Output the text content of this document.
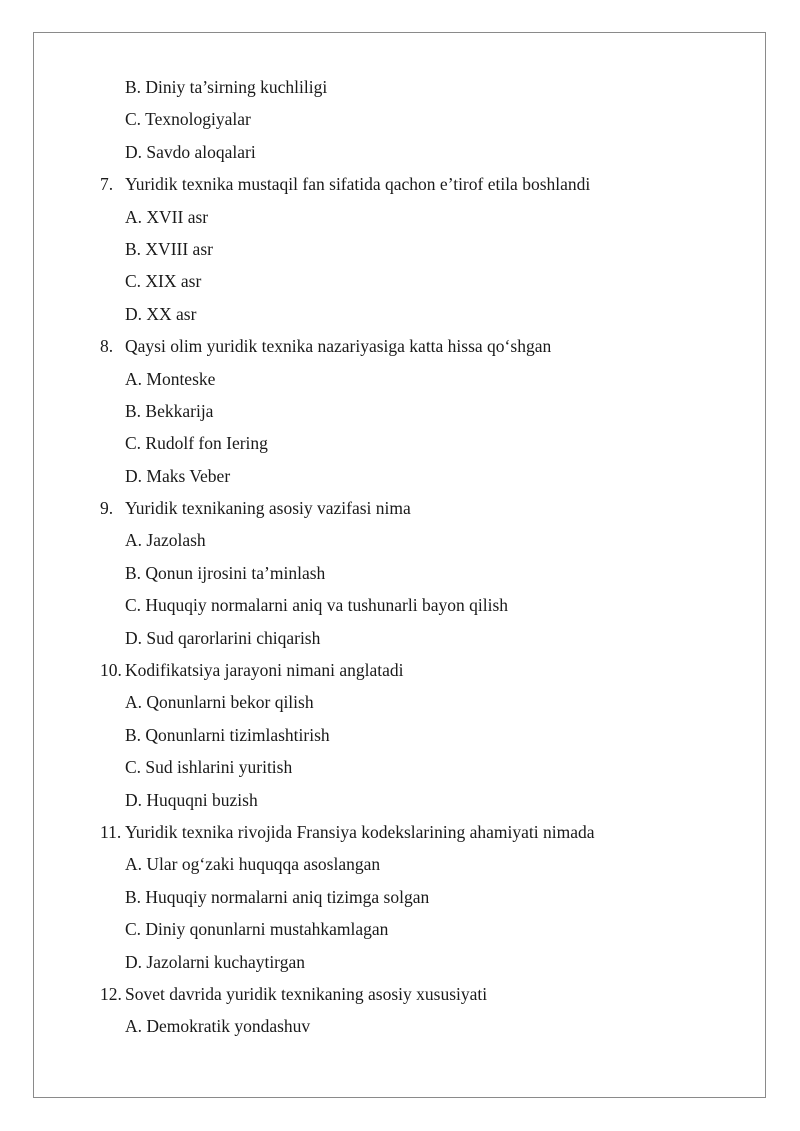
B. Diniy ta’sirning kuchliligi
C. Texnologiyalar
D. Savdo aloqalari
7. Yuridik texnika mustaqil fan sifatida qachon e’tirof etila boshlandi
A. XVII asr
B. XVIII asr
C. XIX asr
D. XX asr
8. Qaysi olim yuridik texnika nazariyasiga katta hissa qo‘shgan
A. Monteske
B. Bekkarija
C. Rudolf fon Iering
D. Maks Veber
9. Yuridik texnikaning asosiy vazifasi nima
A. Jazolash
B. Qonun ijrosini ta’minlash
C. Huquqiy normalarni aniq va tushunarli bayon qilish
D. Sud qarorlarini chiqarish
10. Kodifikatsiya jarayoni nimani anglatadi
A. Qonunlarni bekor qilish
B. Qonunlarni tizimlashtirish
C. Sud ishlarini yuritish
D. Huquqni buzish
11. Yuridik texnika rivojida Fransiya kodekslarining ahamiyati nimada
A. Ular og‘zaki huquqqa asoslangan
B. Huquqiy normalarni aniq tizimga solgan
C. Diniy qonunlarni mustahkamlagan
D. Jazolarni kuchaytirgan
12. Sovet davrida yuridik texnikaning asosiy xususiyati
A. Demokratik yondashuv
